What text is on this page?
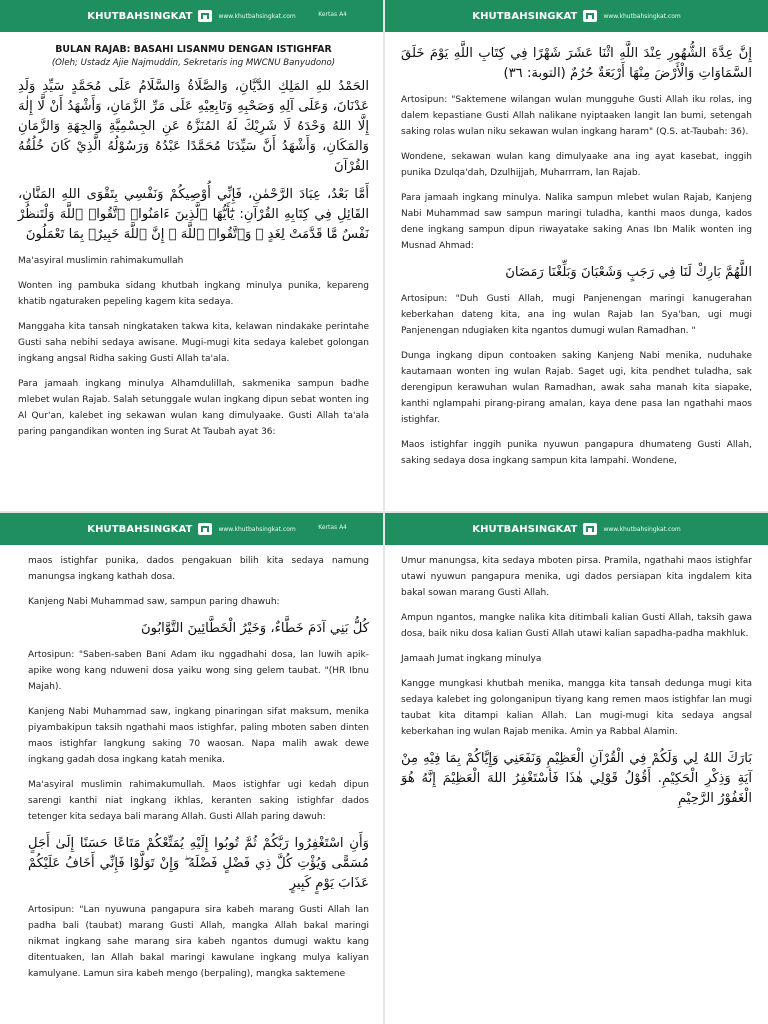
KHUTBAHSINGKAT	www.khutbahsingkat.com	Kertas A4
BULAN RAJAB: BASAHI LISANMU DENGAN ISTIGHFAR
(Oleh; Ustadz Ajie Najmuddin, Sekretaris ing MWCNU Banyudono)
الحَمْدُ للهِ المَلِكِ الدَّيَّانِ، وَالصَّلَاةُ وَالسَّلَامُ عَلَى مُحَمَّدٍ سَيِّدِ وَلَدِ عَدْنَانَ، وَعَلَى آلِهِ وَصَحْبِهِ وَتَابِعِيْهِ عَلَى مَرِّ الزَّمَانِ، وَأَشْهَدُ أَنْ لَّا إِلٰهَ إِلَّا اللهُ وَحْدَهُ لَا شَرِيْكَ لَهُ المُنَزَّهُ عَنِ الجِسْمِيَّةِ وَالجِهَةِ وَالزَّمَانِ وَالمَكَانِ، وَأَشْهَدُ أَنَّ سَيِّدَنَا مُحَمَّدًا عَبْدُهُ وَرَسُوْلُهُ الَّذِيْ كَانَ خُلُقُهُ القُرْآنَ
أَمَّا بَعْدُ، عِبَادَ الرَّحْمٰنِ، فَإِنِّي أُوْصِيكُمْ وَنَفْسِي بِتَقْوَى اللهِ المَنَّانِ، القَائِلِ فِي كِتَابِهِ القُرْآنِ: يَٰٓأَيُّهَا ٱلَّذِينَ ءَامَنُوا۟ ٱتَّقُوا۟ ٱللَّهَ وَلْتَنظُرْ نَفْسٌ مَّا قَدَّمَتْ لِغَدٍ ۖ وَٱتَّقُوا۟ ٱللَّهَ ۚ إِنَّ ٱللَّهَ خَبِيرٌۢ بِمَا تَعْمَلُونَ

Ma'asyiral muslimin rahimakumullah

Wonten ing pambuka sidang khutbah ingkang minulya punika, kepareng khatib ngaturaken pepeling kagem kita sedaya.

Manggaha kita tansah ningkataken takwa kita, kelawan nindakake perintahe Gusti saha nebihi sedaya awisane. Mugi-mugi kita sedaya kalebet golongan ingkang angsal Ridha saking Gusti Allah ta'ala.

Para jamaah ingkang minulya Alhamdulillah, sakmenika sampun badhe mlebet wulan Rajab. Salah setunggale wulan ingkang dipun sebat wonten ing Al Qur'an, kalebet ing sekawan wulan kang dimulyaake. Gusti Allah ta'ala paring pangandikan wonten ing Surat At Taubah ayat 36:

KHUTBAHSINGKAT	www.khutbahsingkat.com
إِنَّ عِدَّةَ الشُّهُورِ عِنْدَ اللَّهِ اثْنَا عَشَرَ شَهْرًا فِي كِتَابِ اللَّهِ يَوْمَ خَلَقَ السَّمَاوَاتِ وَالْأَرْضَ مِنْهَا أَرْبَعَةٌ حُرُمٌ (التوبة: ٣٦)

Artosipun: "Saktemene wilangan wulan mungguhe Gusti Allah iku rolas, ing dalem kepastiane Gusti Allah nalikane nyiptaaken langit lan bumi, setengah saking rolas wulan niku sekawan wulan ingkang haram" (Q.S. at-Taubah: 36).

Wondene, sekawan wulan kang dimulyaake ana ing ayat kasebat, inggih punika Dzulqa'dah, Dzulhijjah, Muharrram, lan Rajab.

Para jamaah ingkang minulya. Nalika sampun mlebet wulan Rajab, Kanjeng Nabi Muhammad saw sampun maringi tuladha, kanthi maos dunga, kados dene ingkang sampun dipun riwayatake saking Anas Ibn Malik wonten ing Musnad Ahmad:

اللَّهُمَّ بَارِكْ لَنَا فِي رَجَبٍ وَشَعْبَانَ وَبَلِّغْنَا رَمَضَانَ

Artosipun: "Duh Gusti Allah, mugi Panjenengan maringi kanugerahan keberkahan dateng kita, ana ing wulan Rajab lan Sya'ban, ugi mugi Panjenengan ndugiaken kita ngantos dumugi wulan Ramadhan. "

Dunga ingkang dipun contoaken saking Kanjeng Nabi menika, nuduhake kautamaan wonten ing wulan Rajab. Saget ugi, kita pendhet tuladha, sak derengipun kerawuhan wulan Ramadhan, awak saha manah kita siapake, kanthi nglampahi pirang-pirang amalan, kaya dene pasa lan ngathahi maos istighfar.

Maos istighfar inggih punika nyuwun pangapura dhumateng Gusti Allah, saking sedaya dosa ingkang sampun kita lampahi. Wondene,

KHUTBAHSINGKAT	www.khutbahsingkat.com	Kertas A4

maos istighfar punika, dados pengakuan bilih kita sedaya namung manungsa ingkang kathah dosa.

Kanjeng Nabi Muhammad saw, sampun paring dhawuh:

كُلُّ بَنِي آدَمَ خَطَّاءٌ، وَخَيْرُ الْخَطَّائِينَ التَّوَّابُونَ

Artosipun: "Saben-saben Bani Adam iku nggadhahi dosa, lan luwih apik-apike wong kang nduweni dosa yaiku wong sing gelem taubat. "(HR Ibnu Majah).

Kanjeng Nabi Muhammad saw, ingkang pinaringan sifat maksum, menika piyambakipun taksih ngathahi maos istighfar, paling mboten saben dinten maos istighfar langkung saking 70 waosan. Napa malih awak dewe ingkang gadah dosa ingkang katah menika.

Ma'asyiral muslimin rahimakumullah. Maos istighfar ugi kedah dipun sarengi kanthi niat ingkang ikhlas, keranten saking istighfar dados tetenger kita sedaya bali marang Allah. Gusti Allah paring dawuh:

وَأَنِ اسْتَغْفِرُوا رَبَّكُمْ ثُمَّ تُوبُوا إِلَيْهِ يُمَتِّعْكُمْ مَتَاعًا حَسَنًا إِلَىٰ أَجَلٍ مُسَمًّى وَيُؤْتِ كُلَّ ذِي فَضْلٍ فَضْلَهُ ۖ وَإِنْ تَوَلَّوْا فَإِنِّي أَخَافُ عَلَيْكُمْ عَذَابَ يَوْمٍ كَبِيرٍ

Artosipun: "Lan nyuwuna pangapura sira kabeh marang Gusti Allah lan padha bali (taubat) marang Gusti Allah, mangka Allah bakal maringi nikmat ingkang sahe marang sira kabeh ngantos dumugi waktu kang ditentuaken, lan Allah bakal maringi kawulane ingkang mulya kaliyan kamulyane. Lamun sira kabeh mengo (berpaling), mangka saktemene

KHUTBAHSINGKAT	www.khutbahsingkat.com

Umur manungsa, kita sedaya mboten pirsa. Pramila, ngathahi maos istighfar utawi nyuwun pangapura menika, ugi dados persiapan kita ingdalem kita bakal sowan marang Gusti Allah.

Ampun ngantos, mangke nalika kita ditimbali kalian Gusti Allah, taksih gawa dosa, baik niku dosa kalian Gusti Allah utawi kalian sapadha-padha makhluk.

Jamaah Jumat ingkang minulya

Kangge mungkasi khutbah menika, mangga kita tansah dedunga mugi kita sedaya kalebet ing golonganipun tiyang kang remen maos istighfar lan mugi taubat kita ditampi kalian Allah. Lan mugi-mugi kita sedaya angsal keberkahan ing wulan Rajab menika. Amin ya Rabbal Alamin.

بَارَكَ اللهُ لِي وَلَكُمْ فِي الْقُرْآنِ الْعَظِيْمِ وَنَفَعَنِي وَإِيَّاكُمْ بِمَا فِيْهِ مِنْ آيَةِ وَذِكْرِ الْحَكِيْمِ. أَقُوْلُ قَوْلِي هٰذَا فَأسْتَغْفِرُ اللهَ الْعَظِيْمَ إِنَّهُ هُوَ الْغَفُوْرُ الرَّحِيْمِ
